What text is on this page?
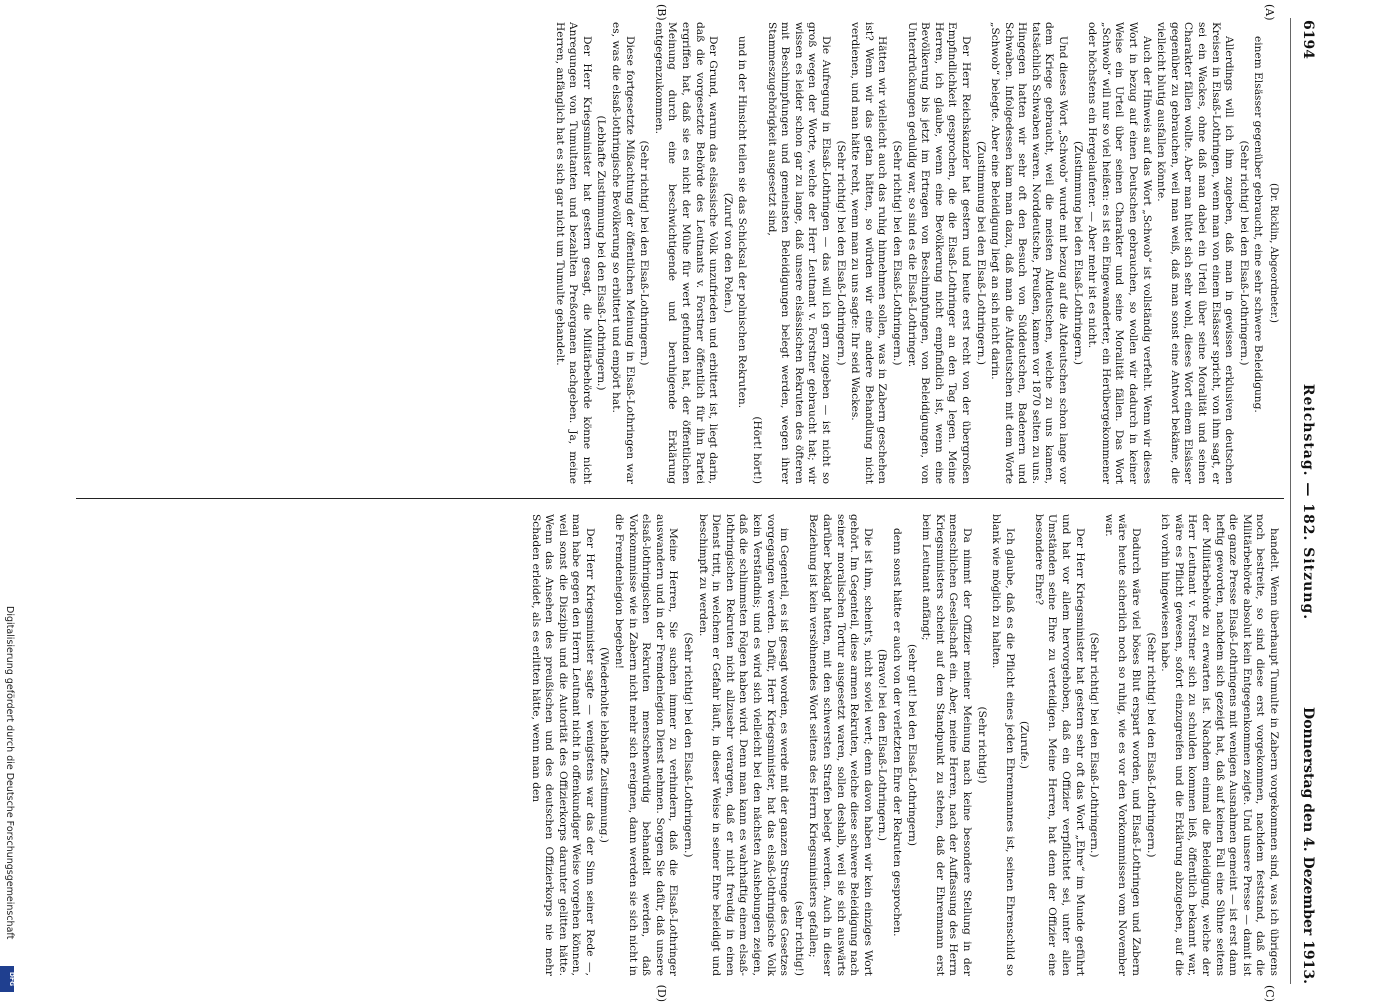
6194
Reichstag. — 182. Sitzung.
Donnerstag den 4. Dezember 1913.
(A)
(B)
(C)
(D)

(Dr. Ricklin, Abgeordneter.)

einem Elsässer gegenüber gebraucht, eine sehr schwere Beleidigung.

(Sehr richtig! bei den Elsaß-Lothringern.)

Allerdings will ich ihm zugeben, daß man in gewissen erklusiven deutschen Kreisen in Elsaß-Lothringen, wenn man von einem Elsässer spricht, von ihm sagt, er sei ein Wackes, ohne daß man dabei ein Urteil über seine Moralität und seinen Charakter fällen wollte. Aber man hütet sich sehr wohl, dieses Wort einem Elsässer gegenüber zu gebrauchen, weil man weiß, daß man sonst eine Antwort bekäme, die vielleicht blutig ausfallen könnte.

Auch der Hinweis auf das Wort „Schwob“ ist vollständig verfehlt. Wenn wir dieses Wort in bezug auf einen Deutschen gebrauchen, so wollen wir dadurch in keiner Weise ein Urteil über seinen Charakter und seine Moralität fällen. Das Wort „Schwob“ will nur so viel heißen: es ist ein Eingewanderter, ein Herübergekommener oder höchstens ein Hergelaufener. — Aber mehr ist es nicht.

(Zustimmung bei den Elsaß-Lothringern.)

Und dieses Wort „Schwob“ wurde mit bezug auf die Altdeutschen schon lange vor dem Kriege gebraucht, weil die meisten Altdeutschen, welche zu uns kamen, tatsächlich Schwaben waren. Norddeutsche, Preußen, kamen vor 1870 selten zu uns. Hingegen hatten wir sehr oft den Besuch von Süddeutschen, Badenern und Schwaben. Infolgedessen kam man dazu, daß man die Altdeutschen mit dem Worte „Schwob“ belegte. Aber eine Beleidigung liegt an sich nicht darin.

(Zustimmung bei den Elsaß-Lothringern.)

Der Herr Reichskanzler hat gestern und heute erst recht von der übergroßen Empfindlichkeit gesprochen, die die Elsaß-Lothringer an den Tag legen. Meine Herren, ich glaube, wenn eine Bevölkerung nicht empfindlich ist, wenn eine Bevölkerung bis jetzt im Ertragen von Beschimpfungen, von Beleidigungen, von Unterdrückungen geduldig war, so sind es die Elsaß-Lothringer.

(Sehr richtig! bei den Elsaß-Lothringern.)

Hätten wir vielleicht auch das ruhig hinnehmen sollen, was in Zabern geschehen ist? Wenn wir das getan hätten, so würden wir eine andere Behandlung nicht verdienen, und man hätte recht, wenn man zu uns sagte: Ihr seid Wackes.

(Sehr richtig! bei den Elsaß-Lothringern.)

Die Aufregung in Elsaß-Lothringen — das will ich gern zugeben — ist nicht so groß wegen der Worte, welche der Herr Leutnant v. Forstner gebraucht hat; wir wissen es leider schon gar zu lange, daß unsere elsässischen Rekruten des öfteren mit Beschimpfungen und gemeinsten Beleidigungen belegt werden, wegen ihrer Stammeszugehörigkeit ausgesetzt sind,

(Hört! hört!)

und in der Hinsicht teilen sie das Schicksal der polnischen Rekruten.

(Zuruf von den Polen.)

Der Grund, warum das elsässische Volk unzufrieden und erbittert ist, liegt darin, daß die vorgesetzte Behörde des Leutnants v. Forstner öffentlich für ihn Partei ergriffen hat, daß sie es nicht der Mühe für wert gefunden hat, der öffentlichen Meinung durch eine beschwichtigende und beruhigende Erklärung entgegenzukommen.

(Sehr richtig! bei den Elsaß-Lothringern.)

Diese fortgesetzte Mißachtung der öffentlichen Meinung in Elsaß-Lothringen war es, was die elsaß-lothringische Bevölkerung so erbittert und empört hat.

(Lebhafte Zustimmung bei den Elsaß-Lothringern.)

Der Herr Kriegsminister hat gestern gesagt, die Militärbehörde könne nicht Anregungen von Tumultanten und bezahlten Preßorganen nachgeben. Ja, meine Herren, anfänglich hat es sich gar nicht um Tumulte gehandelt.

handelt. Wenn überhaupt Tumulte in Zabern vorgekommen sind, was ich übrigens noch bestreite, so sind diese erst vorgekommen, nachdem feststand, daß die Militärbehörde absolut kein Entgegenkommen zeigte. Und unsere Presse — damit ist die ganze Presse Elsaß-Lothringens mit wenigen Ausnahmen gemeint — ist erst dann heftig geworden, nachdem sich gezeigt hat, daß auf keinen Fall eine Sühne seitens der Militärbehörde zu erwarten ist. Nachdem einmal die Beleidigung, welche der Herr Leutnant v. Forstner sich zu schulden kommen ließ, öffentlich bekannt war, wäre es Pflicht gewesen, sofort einzugreifen und die Erklärung abzugeben, auf die ich vorhin hingewiesen habe.

(Sehr richtig! bei den Elsaß-Lothringern.)

Dadurch wäre viel böses Blut erspart worden, und Elsaß-Lothringen und Zabern wäre heute sicherlich noch so ruhig, wie es vor den Vorkommnissen vom November war.

(Sehr richtig! bei den Elsaß-Lothringern.)

Der Herr Kriegsminister hat gestern sehr oft das Wort „Ehre“ im Munde geführt und hat vor allem hervorgehoben, daß ein Offizier verpflichtet sei, unter allen Umständen seine Ehre zu verteidigen. Meine Herren, hat denn der Offizier eine besondere Ehre?

(Zurufe.)

Ich glaube, daß es die Pflicht eines jeden Ehrenmannes ist, seinen Ehrenschild so blank wie möglich zu halten.

(Sehr richtig!)

Da nimmt der Offizier meiner Meinung nach keine besondere Stellung in der menschlichen Gesellschaft ein. Aber, meine Herren, nach der Auffassung des Herrn Kriegsministers scheint auf dem Standpunkt zu stehen, daß der Ehrenmann erst beim Leutnant anfängt;

(sehr gut! bei den Elsaß-Lothringern)

denn sonst hätte er auch von der verletzten Ehre der Rekruten gesprochen.

(Bravo! bei den Elsaß-Lothringern.)

Die ist ihm, scheint's, nicht soviel wert; denn davon haben wir kein einziges Wort gehört. Im Gegenteil, diese armen Rekruten, welche diese schwere Beleidigung nach seiner moralischen Tortur ausgesetzt waren, sollen deshalb, weil sie sich auswärts darüber beklagt hatten, mit den schwersten Strafen belegt werden. Auch in dieser Beziehung ist kein versöhnendes Wort seitens des Herrn Kriegsministers gefallen;

(sehr richtig!)

im Gegenteil, es ist gesagt worden, es werde mit der ganzen Strenge des Gesetzes vorgegangen werden. Dafür, Herr Kriegsminister, hat das elsaß-lothringische Volk kein Verständnis; und es wird sich vielleicht bei den nächsten Aushebungen zeigen, daß die schlimmsten Folgen haben wird. Denn man kann es wahrhaftig einem elsaß-lothringischen Rekruten nicht allzusehr verargen, daß er nicht freudig in einen Dienst tritt, in welchem er Gefahr läuft, in dieser Weise in seiner Ehre beleidigt und beschimpft zu werden.

(Sehr richtig! bei den Elsaß-Lothringern.)

Meine Herren, Sie suchen immer zu verhindern, daß die Elsaß-Lothringer auswandern und in der Fremdenlegion Dienst nehmen. Sorgen Sie dafür, daß unsere elsaß-lothringischen Rekruten menschenwürdig behandelt werden, daß Vorkommnisse wie in Zabern nicht mehr sich ereignen, dann werden sie sich nicht in die Fremdenlegion begeben!

(Wiederholte lebhafte Zustimmung.)

Der Herr Kriegsminister sagte — wenigstens war das der Sinn seiner Rede —, man habe gegen den Herrn Leutnant nicht in offenkundiger Weise vorgehen können, weil sonst die Disziplin und die Autorität des Offizierkorps darunter gelitten hätte. Wenn das Ansehen des preußischen und des deutschen Offizierkorps nie mehr Schaden erleidet, als es erlitten hätte, wenn man den

Digitalisierung gefördert durch die Deutsche Forschungsgemeinschaft
DFG
